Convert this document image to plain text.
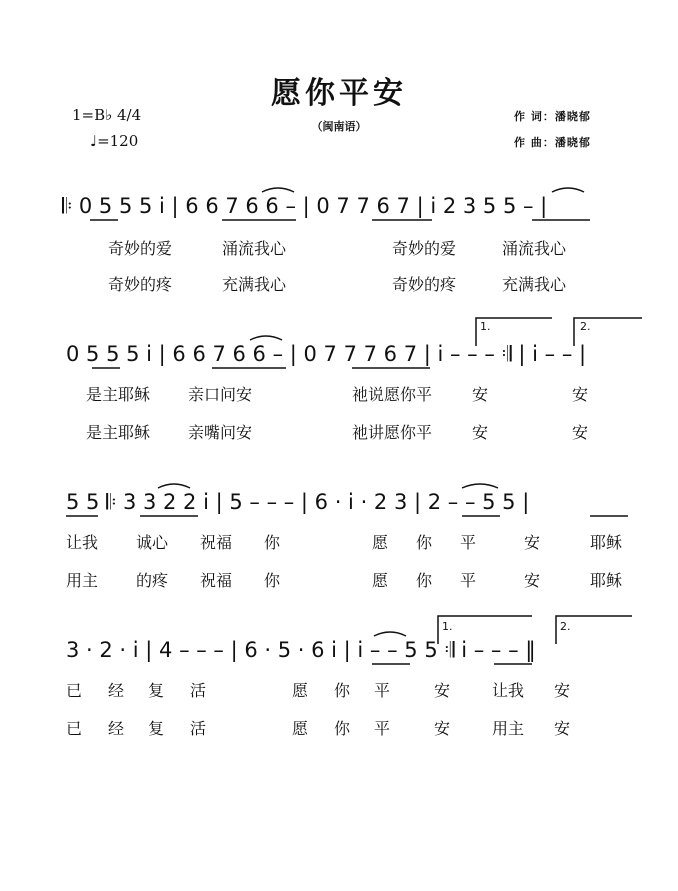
愿你平安
（闽南语）
1=B♭ 4/4
♩=120
作 词：潘晓郁
作 曲：潘晓郁
𝄆 0 5 5 5 i | 6 6 7 6 6 – | 0 7 7 6 7 | i 2 3 5 5 – |
奇妙的爱	涌流我心	奇妙的爱	涌流我心
奇妙的疼	充满我心	奇妙的疼	充满我心
0 5 5 5 i | 6 6 7 6 6 – | 0 7 7 7 6 7 | i – – – 𝄇 | i – – |
1.	2.
是主耶稣 亲口问安	祂说愿你平 安	安
是主耶稣 亲嘴问安	祂讲愿你平 安	安
5 5 𝄆 3 3 2 2 i | 5 – – – | 6 · i · 2 3 | 2 – – 5 5 |
让我 诚心 祝福 你	愿 你 平	安	耶稣
用主 的疼 祝福 你	愿 你 平	安	耶稣
3 · 2 · i | 4 – – – | 6 · 5 · 6 i | i – – 5 5 𝄇 i – – – ‖
1.	2.
已 经 复 活	愿 你 平	安	让我 安
已 经 复 活	愿 你 平	安	用主 安
